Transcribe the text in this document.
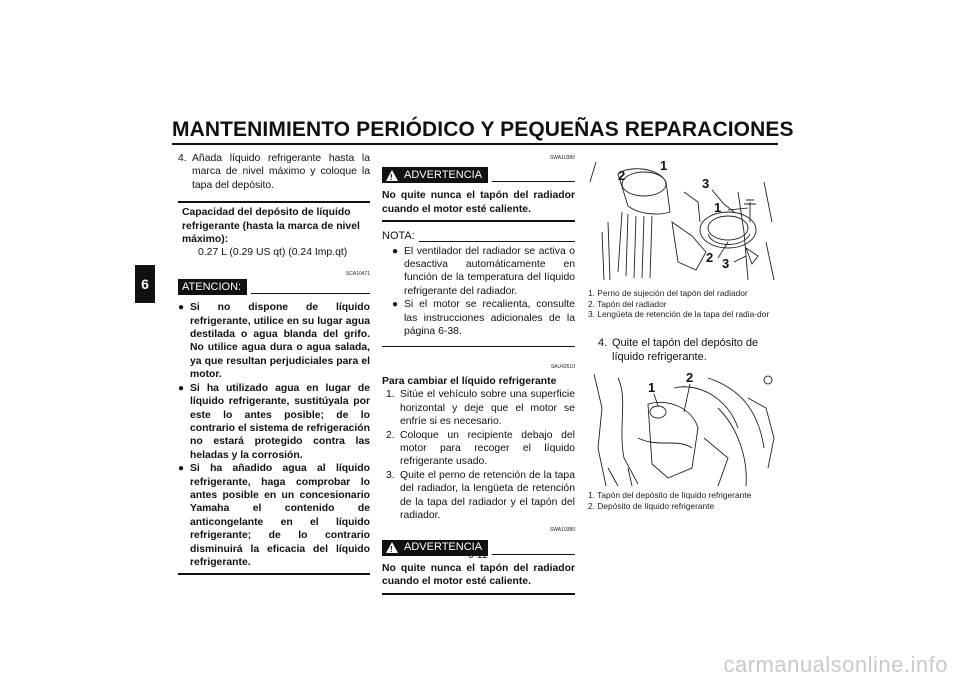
MANTENIMIENTO PERIÓDICO Y PEQUEÑAS REPARACIONES
6
4. Añada líquido refrigerante hasta la marca de nivel máximo y coloque la tapa del depósito.

Capacidad del depósito de líquido refrigerante (hasta la marca de nivel máximo):

0.27 L (0.29 US qt) (0.24 Imp.qt)

SCA10471
ATENCION:
● Si no dispone de líquido refrigerante, utilice en su lugar agua destilada o agua blanda del grifo. No utilice agua dura o agua salada, ya que resultan perjudiciales para el motor.

● Si ha utilizado agua en lugar de líquido refrigerante, sustitúyala por este lo antes posible; de lo contrario el sistema de refrigeración no estará protegido contra las heladas y la corrosión.

● Si ha añadido agua al líquido refrigerante, haga comprobar lo antes posible en un concesionario Yamaha el contenido de anticongelante en el líquido refrigerante; de lo contrario disminuirá la eficacia del líquido refrigerante.

SWA10380
! ADVERTENCIA

No quite nunca el tapón del radiador cuando el motor esté caliente.

NOTA:
● El ventilador del radiador se activa o desactiva automáticamente en función de la temperatura del líquido refrigerante del radiador.

● Si el motor se recalienta, consulte las instrucciones adicionales de la página 6-38.

SAU42610

Para cambiar el líquido refrigerante

1. Sitúe el vehículo sobre una superficie horizontal y deje que el motor se enfríe si es necesario.

2. Coloque un recipiente debajo del motor para recoger el líquido refrigerante usado.

3. Quite el perno de retención de la tapa del radiador, la lengüeta de retención de la tapa del radiador y el tapón del radiador.

SWA10380
! ADVERTENCIA

No quite nunca el tapón del radiador cuando el motor esté caliente.

2
1
3
1
2 3

1. Perno de sujeción del tapón del radiador

2. Tapón del radiador

3. Lengüeta de retención de la tapa del radia-dor

4. Quite el tapón del depósito de líquido refrigerante.

1
2

1. Tapón del depósito de líquido refrigerante

2. Depósito de líquido refrigerante

6-11
carmanualsonline.info
